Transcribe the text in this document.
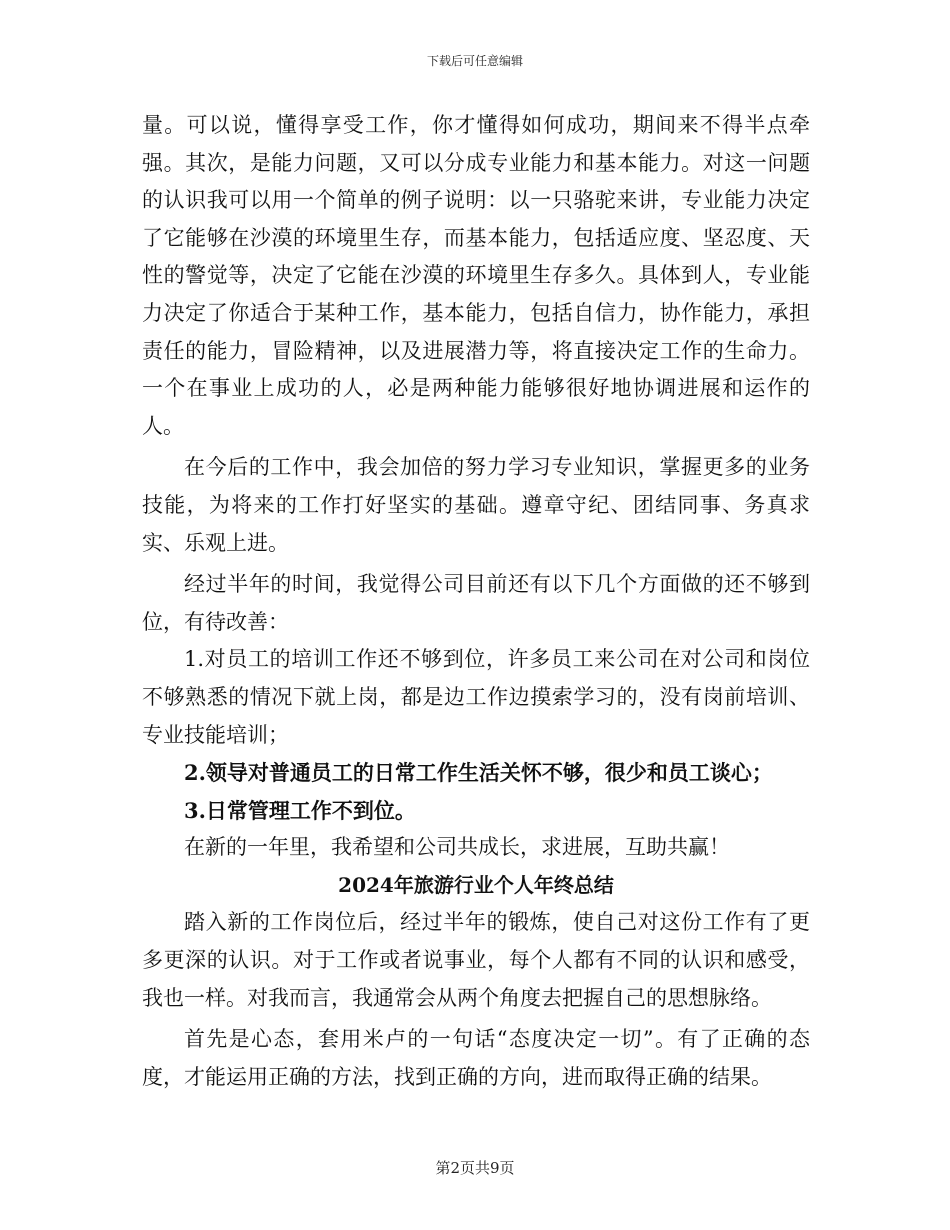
下载后可任意编辑

量。可以说，懂得享受工作，你才懂得如何成功，期间来不得半点牵强。其次，是能力问题，又可以分成专业能力和基本能力。对这一问题的认识我可以用一个简单的例子说明：以一只骆驼来讲，专业能力决定了它能够在沙漠的环境里生存，而基本能力，包括适应度、坚忍度、天性的警觉等，决定了它能在沙漠的环境里生存多久。具体到人，专业能力决定了你适合于某种工作，基本能力，包括自信力，协作能力，承担责任的能力，冒险精神，以及进展潜力等，将直接决定工作的生命力。一个在事业上成功的人，必是两种能力能够很好地协调进展和运作的人。

在今后的工作中，我会加倍的努力学习专业知识，掌握更多的业务技能，为将来的工作打好坚实的基础。遵章守纪、团结同事、务真求实、乐观上进。

经过半年的时间，我觉得公司目前还有以下几个方面做的还不够到位，有待改善：

1.对员工的培训工作还不够到位，许多员工来公司在对公司和岗位不够熟悉的情况下就上岗，都是边工作边摸索学习的，没有岗前培训、专业技能培训；

2.领导对普通员工的日常工作生活关怀不够，很少和员工谈心；

3.日常管理工作不到位。

在新的一年里，我希望和公司共成长，求进展，互助共赢！

2024年旅游行业个人年终总结

踏入新的工作岗位后，经过半年的锻炼，使自己对这份工作有了更多更深的认识。对于工作或者说事业，每个人都有不同的认识和感受，我也一样。对我而言，我通常会从两个角度去把握自己的思想脉络。

首先是心态，套用米卢的一句话“态度决定一切”。有了正确的态度，才能运用正确的方法，找到正确的方向，进而取得正确的结果。

第2页共9页
